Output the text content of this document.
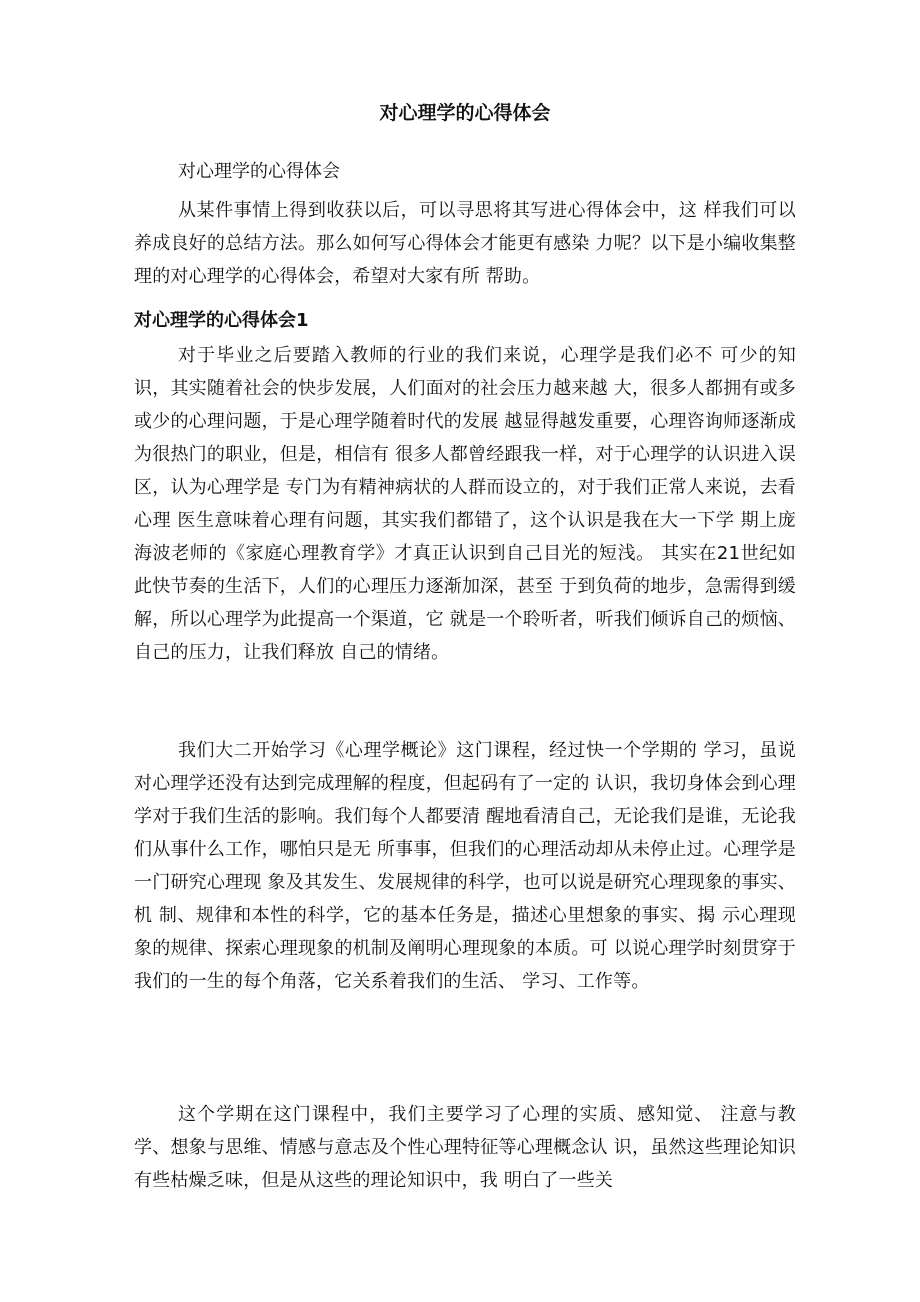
对心理学的心得体会

对心理学的心得体会

从某件事情上得到收获以后，可以寻思将其写进心得体会中，这 样我们可以养成良好的总结方法。那么如何写心得体会才能更有感染 力呢？以下是小编收集整理的对心理学的心得体会，希望对大家有所 帮助。

对心理学的心得体会1

对于毕业之后要踏入教师的行业的我们来说，心理学是我们必不 可少的知识，其实随着社会的快步发展，人们面对的社会压力越来越 大，很多人都拥有或多或少的心理问题，于是心理学随着时代的发展 越显得越发重要，心理咨询师逐渐成为很热门的职业，但是，相信有 很多人都曾经跟我一样，对于心理学的认识进入误区，认为心理学是 专门为有精神病状的人群而设立的，对于我们正常人来说，去看心理 医生意味着心理有问题，其实我们都错了，这个认识是我在大一下学 期上庞海波老师的《家庭心理教育学》才真正认识到自己目光的短浅。 其实在21世纪如此快节奏的生活下，人们的心理压力逐渐加深，甚至 于到负荷的地步，急需得到缓解，所以心理学为此提高一个渠道，它 就是一个聆听者，听我们倾诉自己的烦恼、自己的压力，让我们释放 自己的情绪。

我们大二开始学习《心理学概论》这门课程，经过快一个学期的 学习，虽说对心理学还没有达到完成理解的程度，但起码有了一定的 认识，我切身体会到心理学对于我们生活的影响。我们每个人都要清 醒地看清自己，无论我们是谁，无论我们从事什么工作，哪怕只是无 所事事，但我们的心理活动却从未停止过。心理学是一门研究心理现 象及其发生、发展规律的科学，也可以说是研究心理现象的事实、机 制、规律和本性的科学，它的基本任务是，描述心里想象的事实、揭 示心理现象的规律、探索心理现象的机制及阐明心理现象的本质。可 以说心理学时刻贯穿于我们的一生的每个角落，它关系着我们的生活、 学习、工作等。

这个学期在这门课程中，我们主要学习了心理的实质、感知觉、 注意与教学、想象与思维、情感与意志及个性心理特征等心理概念认 识，虽然这些理论知识有些枯燥乏味，但是从这些的理论知识中，我 明白了一些关
